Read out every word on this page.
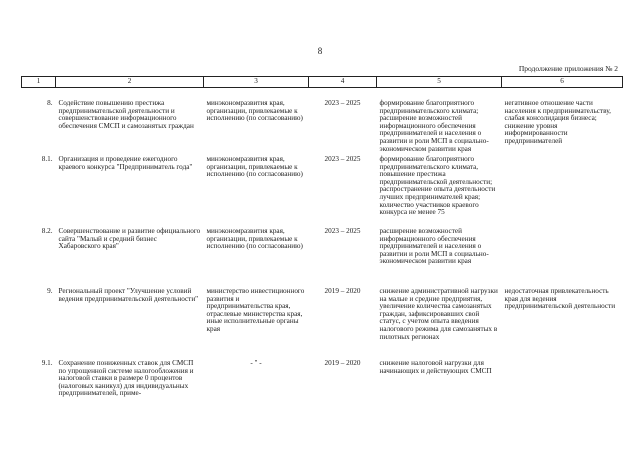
8
Продолжение приложения № 2
1	2	3	4	5	6
8.	Содействие повышению престижа предпринимательской деятельности и совершенствование информационного обеспечения СМСП и самозанятых граждан	минэкономразвития края, организации, привлекаемые к исполнению (по согласованию)	2023 – 2025	формирование благоприятного предпринимательского климата; расширение возможностей информационного обеспечения предпринимателей и населения о развитии и роли МСП в социально-экономическом развитии края	негативное отношение части населения к предпринимательству, слабая консолидация бизнеса; снижение уровня информированности предпринимателей
8.1.	Организация и проведение ежегодного краевого конкурса "Предприниматель года"	минэкономразвития края, организации, привлекаемые к исполнению (по согласованию)	2023 – 2025	формирование благоприятного предпринимательского климата, повышение престижа предпринимательской деятельности; распространение опыта деятельности лучших предпринимателей края; количество участников краевого конкурса не менее 75	
8.2.	Совершенствование и развитие официального сайта "Малый и средний бизнес Хабаровского края"	минэкономразвития края, организации, привлекаемые к исполнению (по согласованию)	2023 – 2025	расширение возможностей информационного обеспечения предпринимателей и населения о развитии и роли МСП в социально-экономическом развитии края	
9.	Региональный проект "Улучшение условий ведения предпринимательской деятельности"	министерство инвестиционного развития и предпринимательства края, отраслевые министерства края, иные исполнительные органы края	2019 – 2020	снижение административной нагрузки на малые и средние предприятия, увеличение количества самозанятых граждан, зафиксировавших свой статус, с учетом опыта введения налогового режима для самозанятых в пилотных регионах	недостаточная привлекательность края для ведения предпринимательской деятельности
9.1.	Сохранение пониженных ставок для СМСП по упрощенной системе налогообложения и налоговой ставки в размере 0 процентов (налоговых каникул) для индивидуальных предпринимателей, приме-	- " -	2019 – 2020	снижение налоговой нагрузки для начинающих и действующих СМСП	
